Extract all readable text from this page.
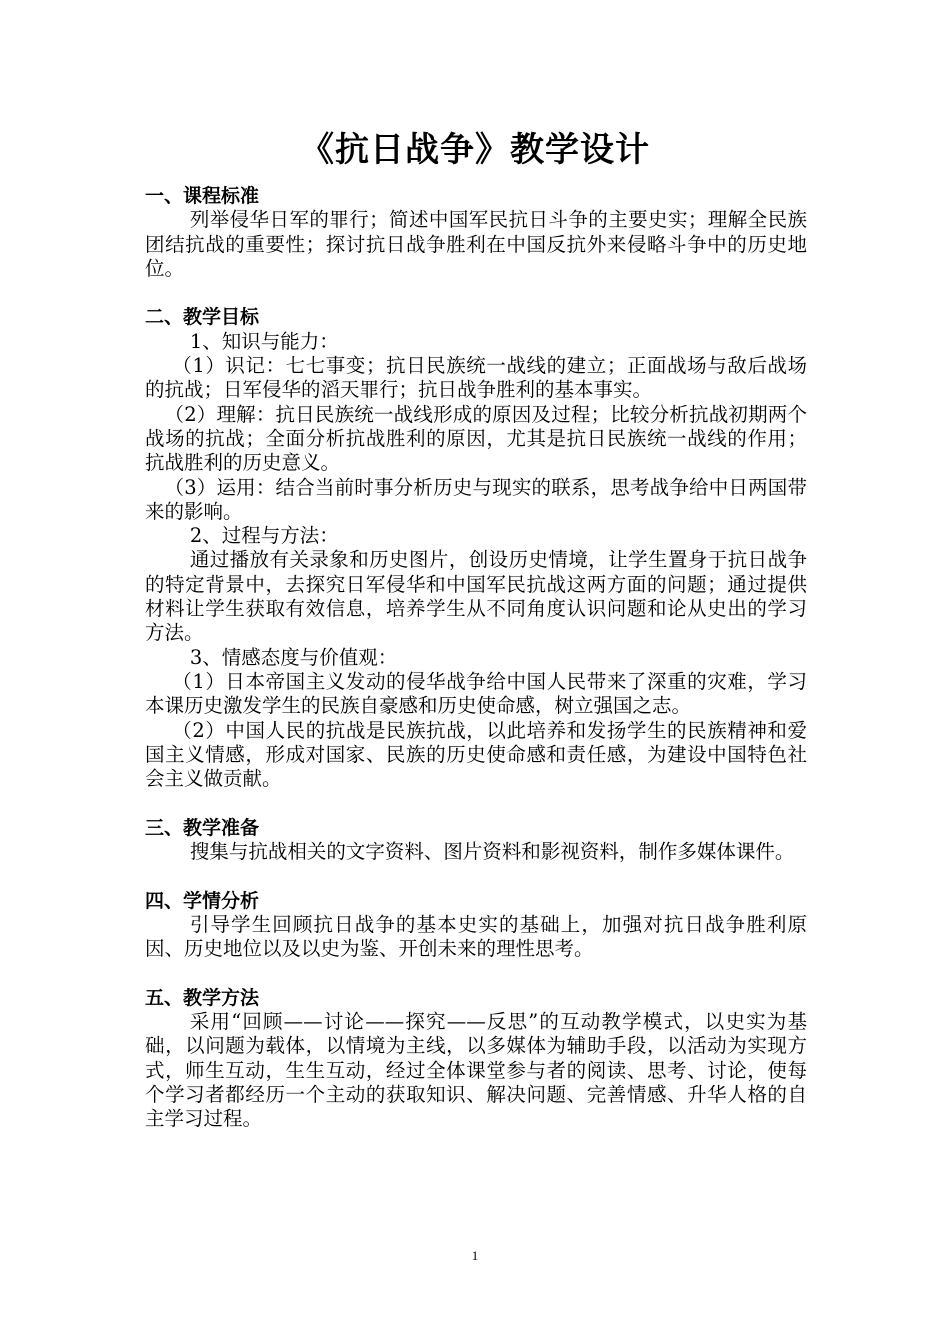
《抗日战争》教学设计

一、课程标准

列举侵华日军的罪行；简述中国军民抗日斗争的主要史实；理解全民族团结抗战的重要性；探讨抗日战争胜利在中国反抗外来侵略斗争中的历史地位。

二、教学目标

1、知识与能力：

（1）识记：七七事变；抗日民族统一战线的建立；正面战场与敌后战场的抗战；日军侵华的滔天罪行；抗日战争胜利的基本事实。

（2）理解：抗日民族统一战线形成的原因及过程；比较分析抗战初期两个战场的抗战；全面分析抗战胜利的原因，尤其是抗日民族统一战线的作用；抗战胜利的历史意义。

（3）运用：结合当前时事分析历史与现实的联系，思考战争给中日两国带来的影响。

2、过程与方法：

通过播放有关录象和历史图片，创设历史情境，让学生置身于抗日战争的特定背景中，去探究日军侵华和中国军民抗战这两方面的问题；通过提供材料让学生获取有效信息，培养学生从不同角度认识问题和论从史出的学习方法。

3、情感态度与价值观：

（1）日本帝国主义发动的侵华战争给中国人民带来了深重的灾难，学习本课历史激发学生的民族自豪感和历史使命感，树立强国之志。

（2）中国人民的抗战是民族抗战，以此培养和发扬学生的民族精神和爱国主义情感，形成对国家、民族的历史使命感和责任感，为建设中国特色社会主义做贡献。

三、教学准备

搜集与抗战相关的文字资料、图片资料和影视资料，制作多媒体课件。

四、学情分析

引导学生回顾抗日战争的基本史实的基础上，加强对抗日战争胜利原因、历史地位以及以史为鉴、开创未来的理性思考。

五、教学方法

采用“回顾——讨论——探究——反思”的互动教学模式，以史实为基础，以问题为载体，以情境为主线，以多媒体为辅助手段，以活动为实现方式，师生互动，生生互动，经过全体课堂参与者的阅读、思考、讨论，使每个学习者都经历一个主动的获取知识、解决问题、完善情感、升华人格的自主学习过程。

1
